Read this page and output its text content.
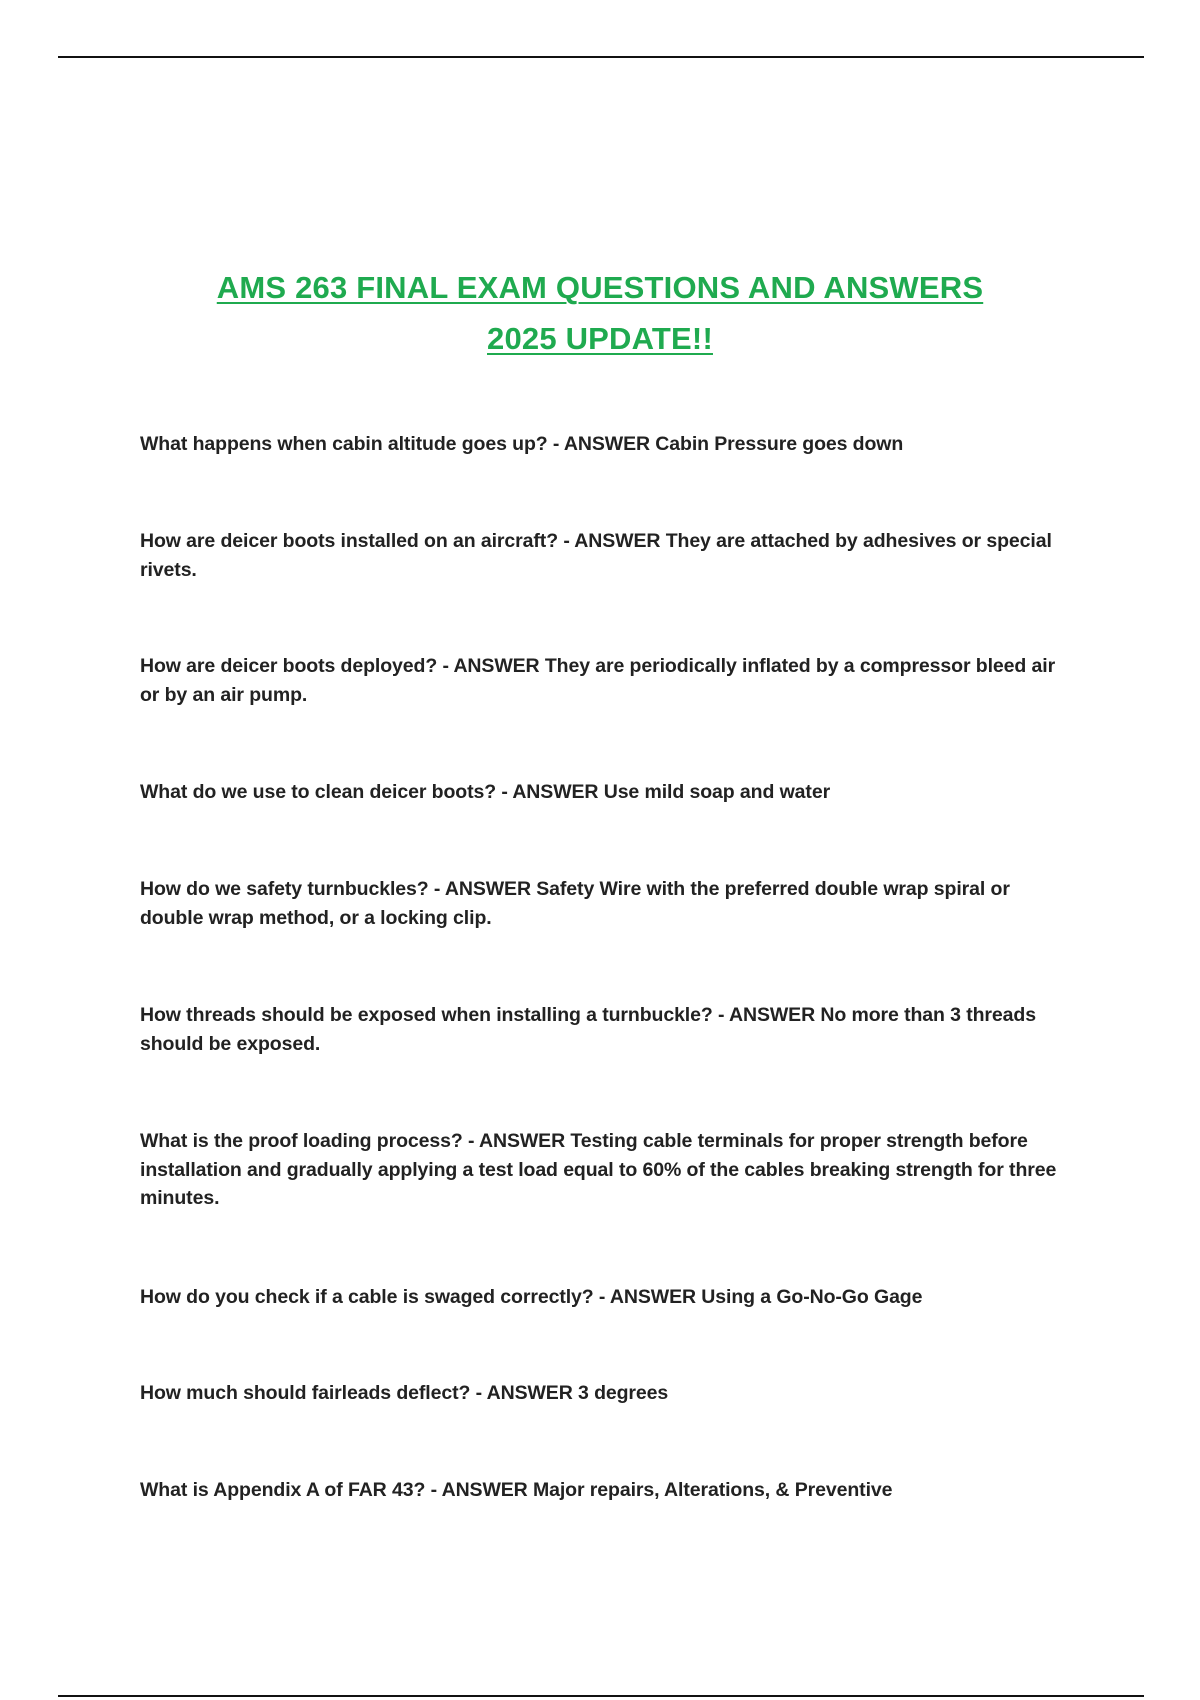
AMS 263 FINAL EXAM QUESTIONS AND ANSWERS
2025 UPDATE!!
What happens when cabin altitude goes up? - ANSWER Cabin Pressure goes down
How are deicer boots installed on an aircraft? - ANSWER They are attached by adhesives or special rivets.
How are deicer boots deployed? - ANSWER They are periodically inflated by a compressor bleed air or by an air pump.
What do we use to clean deicer boots? - ANSWER Use mild soap and water
How do we safety turnbuckles? - ANSWER Safety Wire with the preferred double wrap spiral or double wrap method, or a locking clip.
How threads should be exposed when installing a turnbuckle? - ANSWER No more than 3 threads should be exposed.
What is the proof loading process? - ANSWER Testing cable terminals for proper strength before installation and gradually applying a test load equal to 60% of the cables breaking strength for three minutes.
How do you check if a cable is swaged correctly? - ANSWER Using a Go-No-Go Gage
How much should fairleads deflect? - ANSWER 3 degrees
What is Appendix A of FAR 43? - ANSWER Major repairs, Alterations, & Preventive
